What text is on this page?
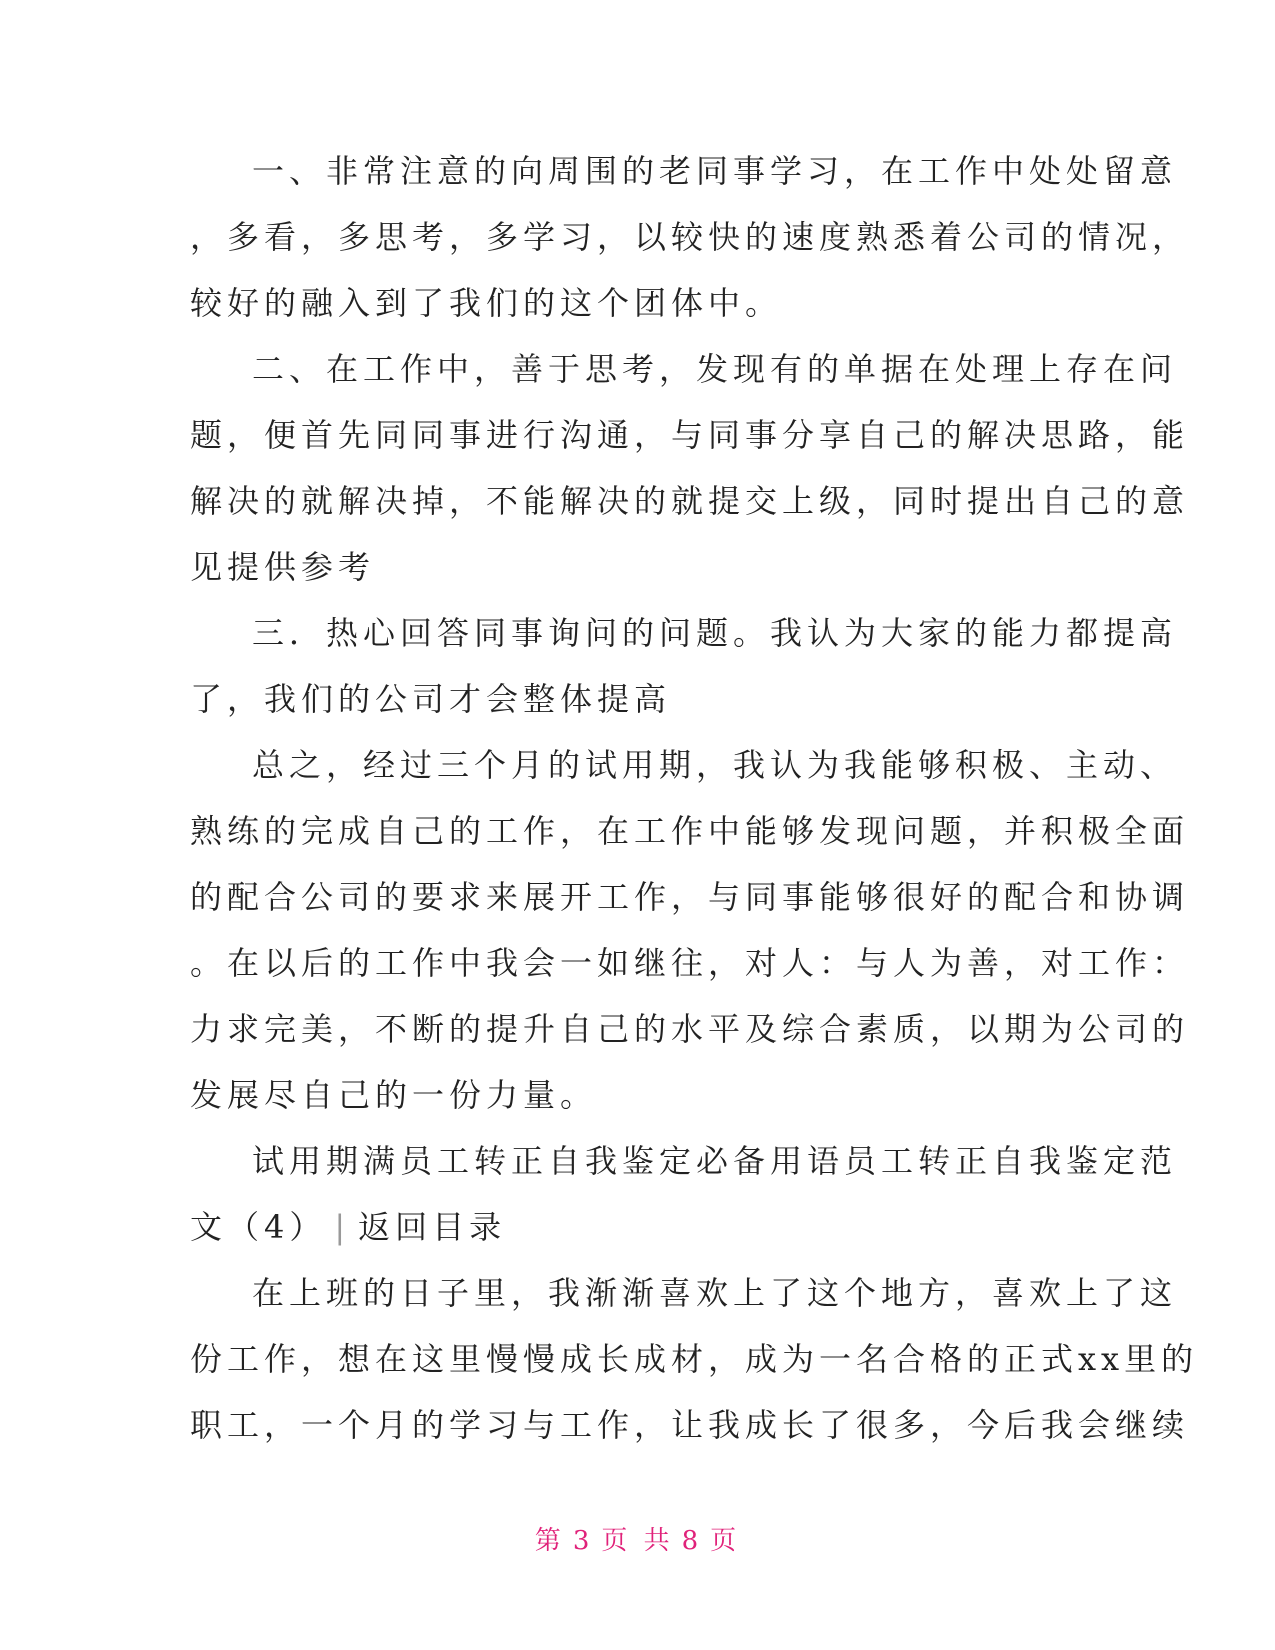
一、非常注意的向周围的老同事学习，在工作中处处留意
，多看，多思考，多学习，以较快的速度熟悉着公司的情况，
较好的融入到了我们的这个团体中。
二、在工作中，善于思考，发现有的单据在处理上存在问
题，便首先同同事进行沟通，与同事分享自己的解决思路，能
解决的就解决掉，不能解决的就提交上级，同时提出自己的意
见提供参考
三．热心回答同事询问的问题。我认为大家的能力都提高
了，我们的公司才会整体提高
总之，经过三个月的试用期，我认为我能够积极、主动、
熟练的完成自己的工作，在工作中能够发现问题，并积极全面
的配合公司的要求来展开工作，与同事能够很好的配合和协调
。在以后的工作中我会一如继往，对人：与人为善，对工作：
力求完美，不断的提升自己的水平及综合素质，以期为公司的
发展尽自己的一份力量。
试用期满员工转正自我鉴定必备用语员工转正自我鉴定范
文（4） | 返回目录
在上班的日子里，我渐渐喜欢上了这个地方，喜欢上了这
份工作，想在这里慢慢成长成材，成为一名合格的正式xx里的
职工，一个月的学习与工作，让我成长了很多，今后我会继续
第 3 页 共 8 页
